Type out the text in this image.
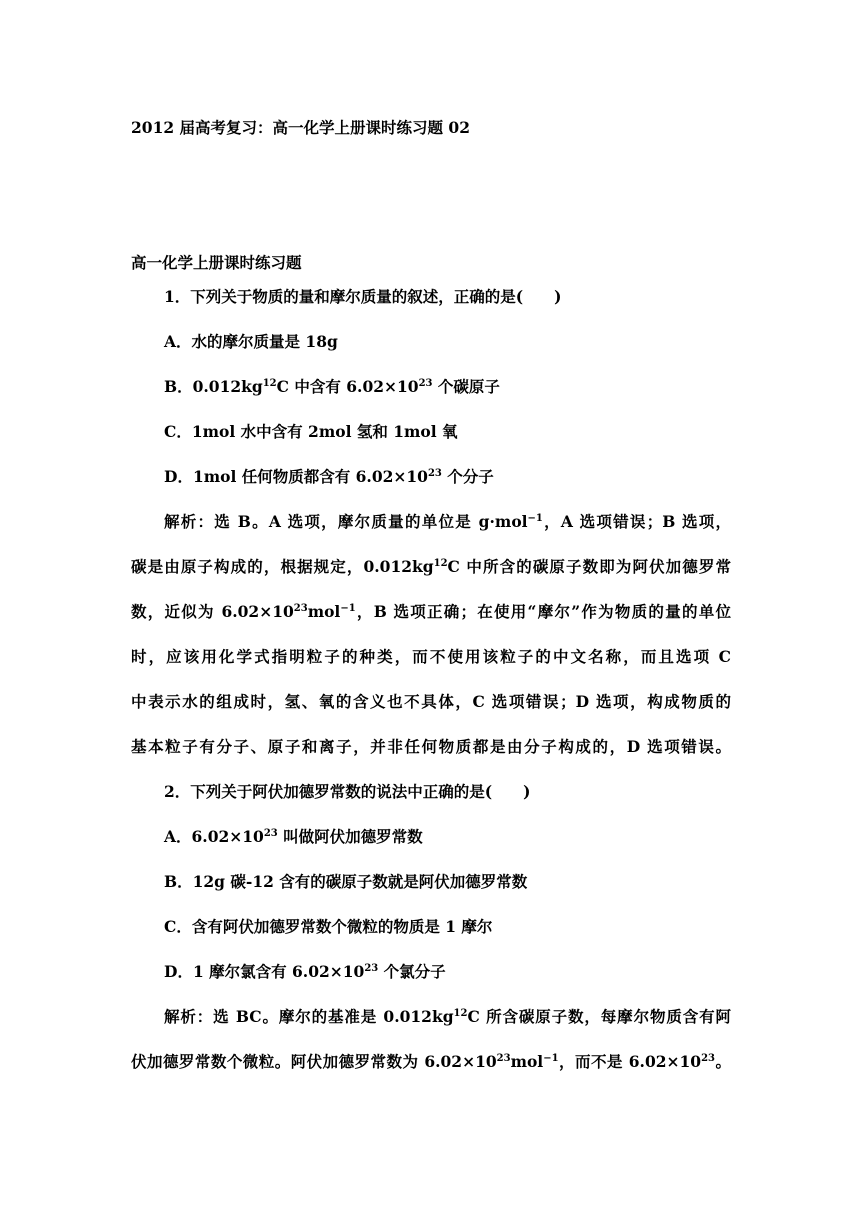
2012 届高考复习：高一化学上册课时练习题 02
高一化学上册课时练习题
1．下列关于物质的量和摩尔质量的叙述，正确的是(　　)
A．水的摩尔质量是 18g
B．$0.012kg^{12}C$ 中含有 $6.02\times 10^{23}$ 个碳原子
C．1mol 水中含有 2mol 氢和 1mol 氧
D．1mol 任何物质都含有 $6.02\times 10^{23}$ 个分子
解析：选 B。A 选项，摩尔质量的单位是 g·mol$^{-1}$，A 选项错误；B 选项，
碳是由原子构成的，根据规定，$0.012kg^{12}C$ 中所含的碳原子数即为阿伏加德罗常
数，近似为 $6.02\times 10^{23}mol^{-1}$，B 选项正确；在使用“摩尔”作为物质的量的单位
时，应该用化学式指明粒子的种类，而不使用该粒子的中文名称，而且选项 C
中表示水的组成时，氢、氧的含义也不具体，C 选项错误；D 选项，构成物质的
基本粒子有分子、原子和离子，并非任何物质都是由分子构成的，D 选项错误。
2．下列关于阿伏加德罗常数的说法中正确的是(　　)
A．$6.02\times 10^{23}$ 叫做阿伏加德罗常数
B．12g 碳-12 含有的碳原子数就是阿伏加德罗常数
C．含有阿伏加德罗常数个微粒的物质是 1 摩尔
D．1 摩尔氯含有 $6.02\times 10^{23}$ 个氯分子
解析：选 BC。摩尔的基准是 $0.012kg^{12}C$ 所含碳原子数，每摩尔物质含有阿
伏加德罗常数个微粒。阿伏加德罗常数为 $6.02\times 10^{23}mol^{-1}$，而不是 $6.02\times 10^{23}$。
